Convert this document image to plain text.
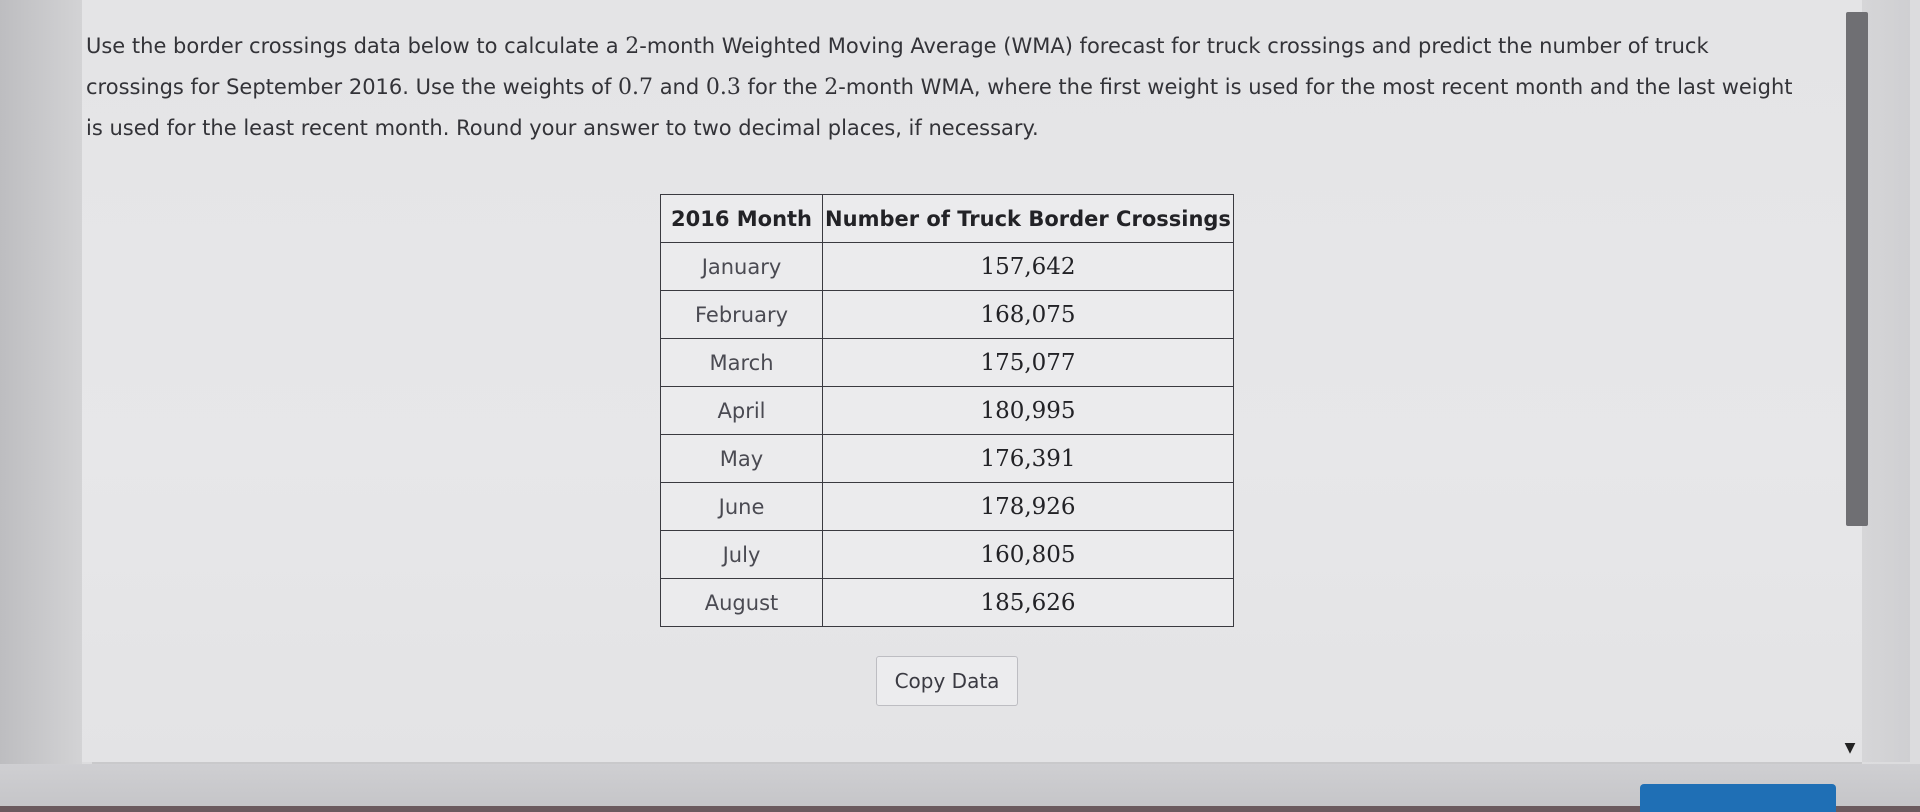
Use the border crossings data below to calculate a 2-month Weighted Moving Average (WMA) forecast for truck crossings and predict the number of truck crossings for September 2016. Use the weights of 0.7 and 0.3 for the 2-month WMA, where the first weight is used for the most recent month and the last weight is used for the least recent month. Round your answer to two decimal places, if necessary.
2016 Month	Number of Truck Border Crossings
January	157,642
February	168,075
March	175,077
April	180,995
May	176,391
June	178,926
July	160,805
August	185,626
Copy Data
▼
